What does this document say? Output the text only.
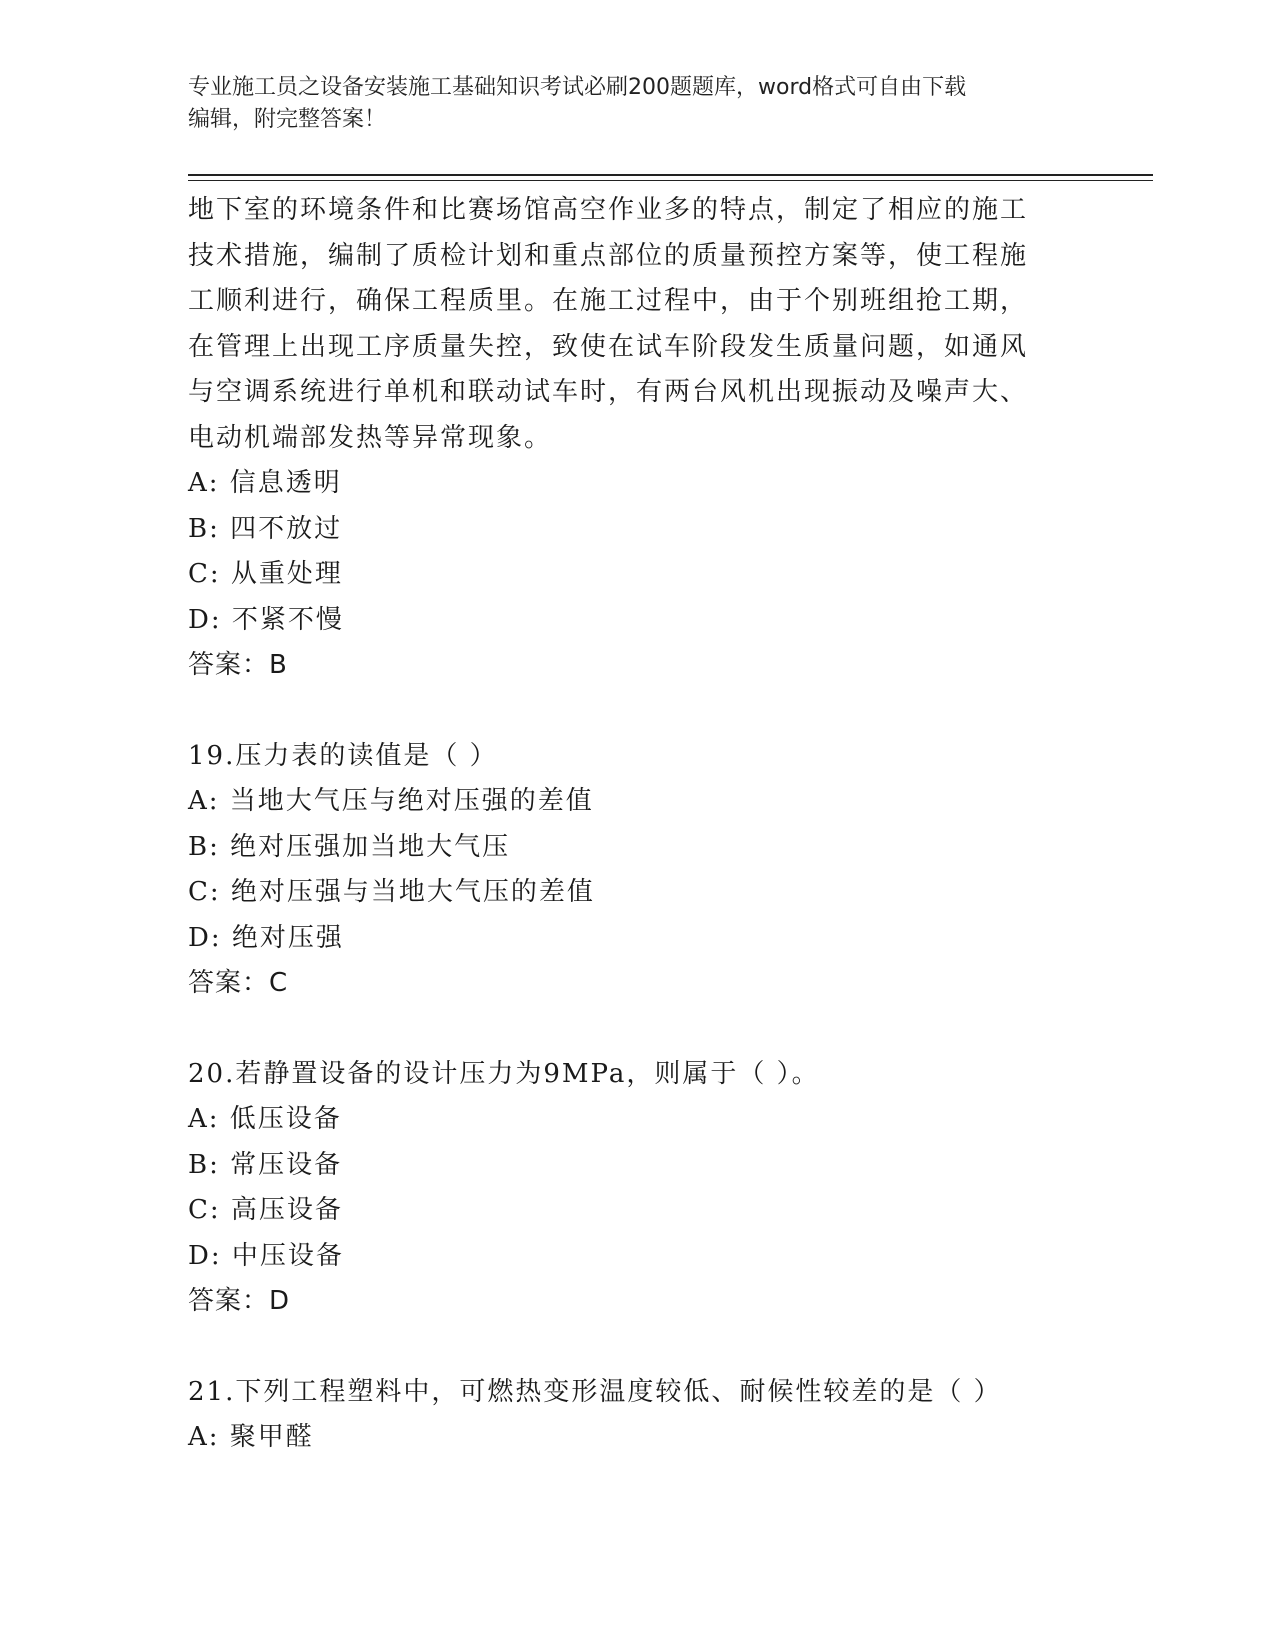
专业施工员之设备安装施工基础知识考试必刷200题题库，word格式可自由下载
编辑，附完整答案！

地下室的环境条件和比赛场馆高空作业多的特点，制定了相应的施工

技术措施，编制了质检计划和重点部位的质量预控方案等，使工程施

工顺利进行，确保工程质里。在施工过程中，由于个别班组抢工期，

在管理上出现工序质量失控，致使在试车阶段发生质量问题，如通风

与空调系统进行单机和联动试车时，有两台风机出现振动及噪声大、

电动机端部发热等异常现象。

A: 信息透明

B: 四不放过

C: 从重处理

D: 不紧不慢

答案：B

19.压力表的读值是（ ）

A: 当地大气压与绝对压强的差值

B: 绝对压强加当地大气压

C: 绝对压强与当地大气压的差值

D: 绝对压强

答案：C

20.若静置设备的设计压力为9MPa，则属于（ ）。

A: 低压设备

B: 常压设备

C: 高压设备

D: 中压设备

答案：D

21.下列工程塑料中，可燃热变形温度较低、耐候性较差的是（ ）

A: 聚甲醛
